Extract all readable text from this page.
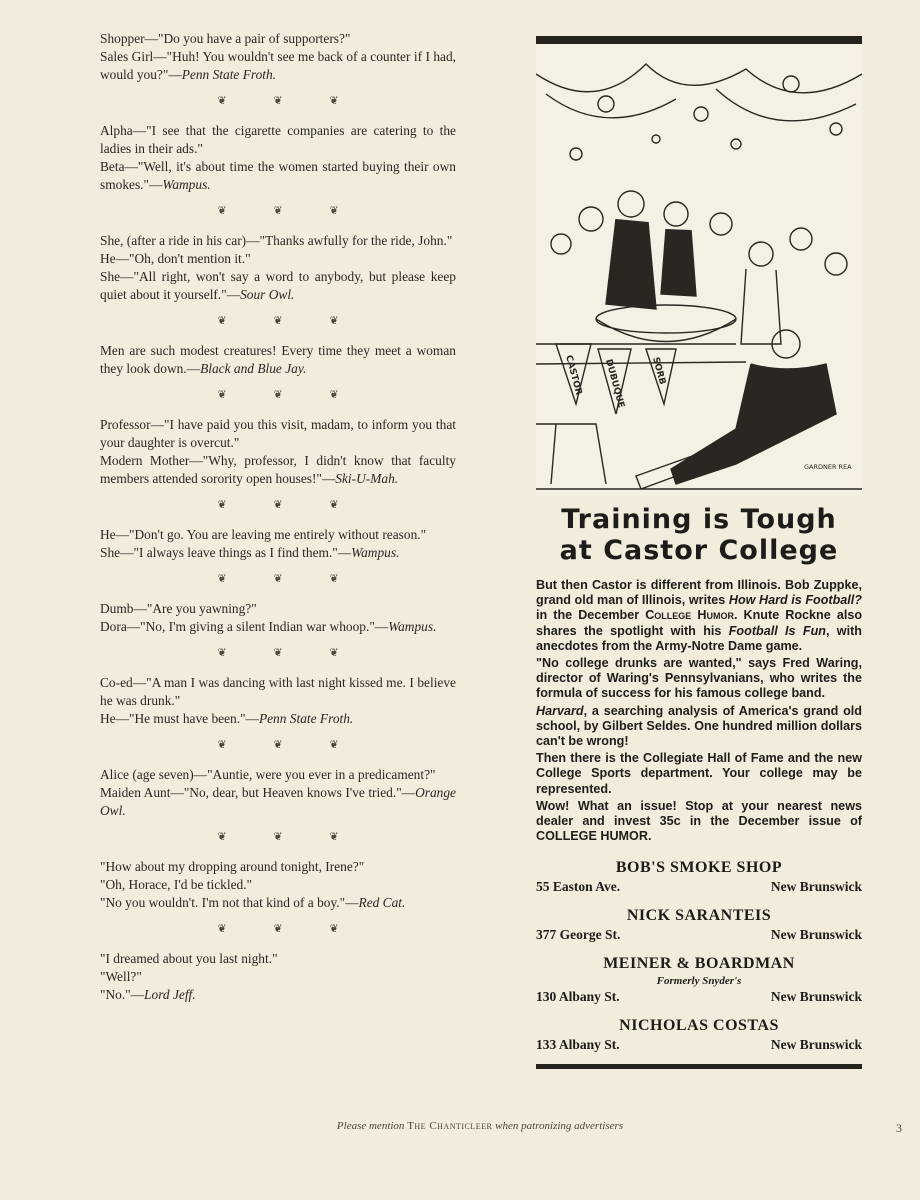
Shopper—"Do you have a pair of supporters?"

Sales Girl—"Huh! You wouldn't see me back of a counter if I had, would you?"—Penn State Froth.

❦ ❦ ❦

Alpha—"I see that the cigarette companies are catering to the ladies in their ads."

Beta—"Well, it's about time the women started buying their own smokes."—Wampus.

❦ ❦ ❦

She, (after a ride in his car)—"Thanks awfully for the ride, John."

He—"Oh, don't mention it."

She—"All right, won't say a word to anybody, but please keep quiet about it yourself."—Sour Owl.

❦ ❦ ❦

Men are such modest creatures! Every time they meet a woman they look down.—Black and Blue Jay.

❦ ❦ ❦

Professor—"I have paid you this visit, madam, to inform you that your daughter is overcut."

Modern Mother—"Why, professor, I didn't know that faculty members attended sorority open houses!"—Ski-U-Mah.

❦ ❦ ❦

He—"Don't go. You are leaving me entirely without reason."

She—"I always leave things as I find them."—Wampus.

❦ ❦ ❦

Dumb—"Are you yawning?"

Dora—"No, I'm giving a silent Indian war whoop."—Wampus.

❦ ❦ ❦

Co-ed—"A man I was dancing with last night kissed me. I believe he was drunk."

He—"He must have been."—Penn State Froth.

❦ ❦ ❦

Alice (age seven)—"Auntie, were you ever in a predicament?"

Maiden Aunt—"No, dear, but Heaven knows I've tried."—Orange Owl.

❦ ❦ ❦

"How about my dropping around tonight, Irene?"

"Oh, Horace, I'd be tickled."

"No you wouldn't. I'm not that kind of a boy."—Red Cat.

❦ ❦ ❦

"I dreamed about you last night."

"Well?"

"No."—Lord Jeff.

CASTOR DUBUQUE	SORB
GARDNER REA
Training is Tough
at Castor College

But then Castor is different from Illinois. Bob Zuppke, grand old man of Illinois, writes How Hard is Football? in the December College Humor. Knute Rockne also shares the spotlight with his Football Is Fun, with anecdotes from the Army-Notre Dame game.

"No college drunks are wanted," says Fred Waring, director of Waring's Pennsylvanians, who writes the formula of success for his famous college band.

Harvard, a searching analysis of America's grand old school, by Gilbert Seldes. One hundred million dollars can't be wrong!

Then there is the Collegiate Hall of Fame and the new College Sports department. Your college may be represented.

Wow! What an issue! Stop at your nearest news dealer and invest 35c in the December issue of COLLEGE HUMOR.

BOB'S SMOKE SHOP
55 Easton Ave.	New Brunswick
NICK SARANTEIS
377 George St.	New Brunswick
MEINER & BOARDMAN
Formerly Snyder's
130 Albany St.	New Brunswick
NICHOLAS COSTAS
133 Albany St.	New Brunswick
Please mention The Chanticleer when patronizing advertisers	3
